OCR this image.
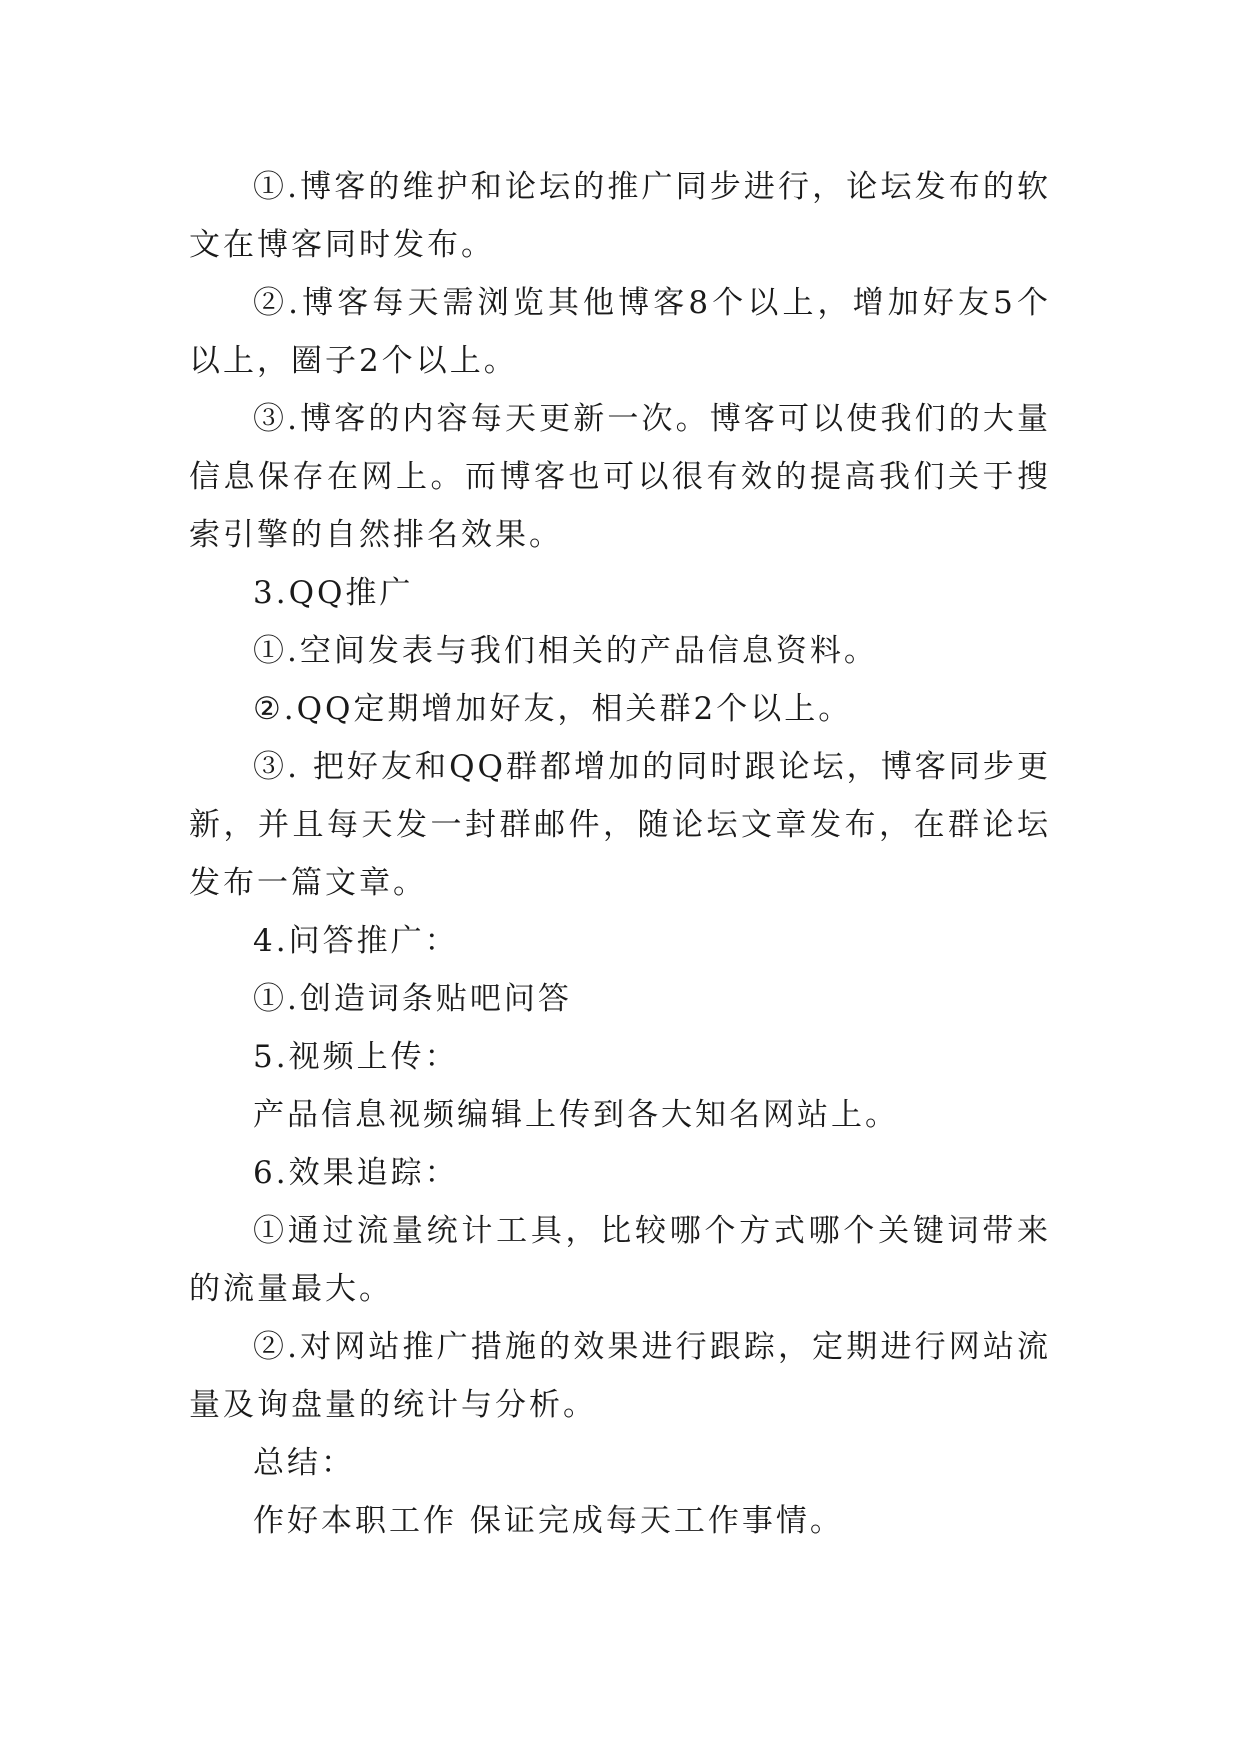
①.博客的维护和论坛的推广同步进行，论坛发布的软文在博客同时发布。

②.博客每天需浏览其他博客8个以上，增加好友5个以上，圈子2个以上。

③.博客的内容每天更新一次。博客可以使我们的大量信息保存在网上。而博客也可以很有效的提高我们关于搜索引擎的自然排名效果。

3.QQ推广

①.空间发表与我们相关的产品信息资料。

②.QQ定期增加好友，相关群2个以上。

③. 把好友和QQ群都增加的同时跟论坛，博客同步更新，并且每天发一封群邮件，随论坛文章发布，在群论坛发布一篇文章。

4.问答推广：

①.创造词条贴吧问答

5.视频上传：

产品信息视频编辑上传到各大知名网站上。

6.效果追踪：

①通过流量统计工具，比较哪个方式哪个关键词带来的流量最大。

②.对网站推广措施的效果进行跟踪，定期进行网站流量及询盘量的统计与分析。

总结：

作好本职工作 保证完成每天工作事情。
